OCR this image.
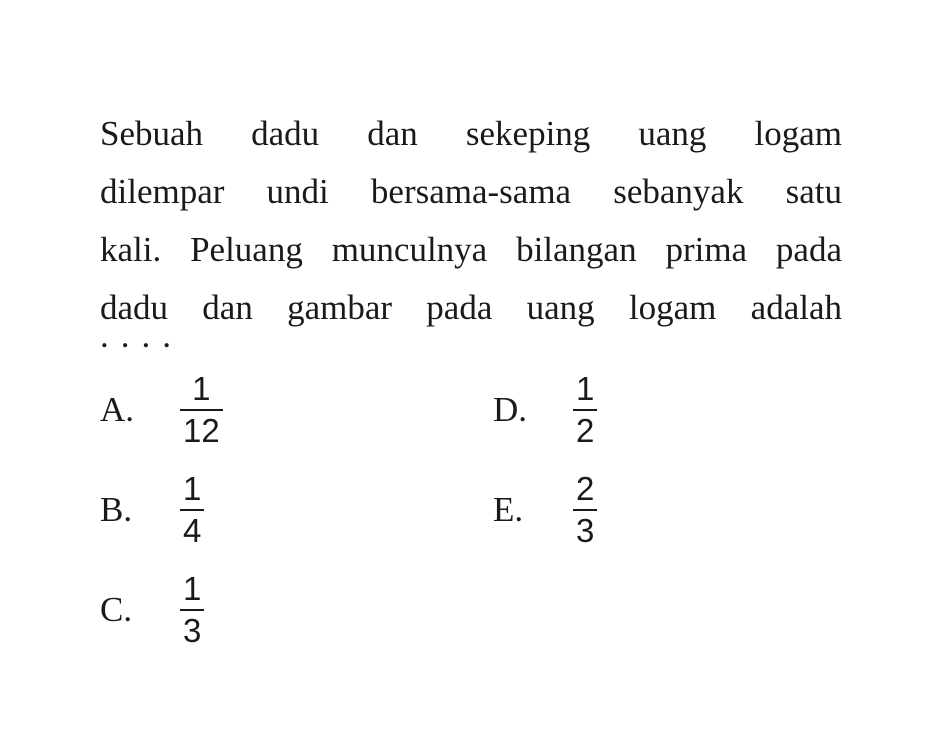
Sebuah dadu dan sekeping uang logam
dilempar undi bersama-sama sebanyak satu
kali. Peluang munculnya bilangan prima pada
dadu dan gambar pada uang logam adalah
....
A.	$\frac{1}{12}$
B.	$\frac{1}{4}$
C.	$\frac{1}{3}$
D.	$\frac{1}{2}$
E.	$\frac{2}{3}$
